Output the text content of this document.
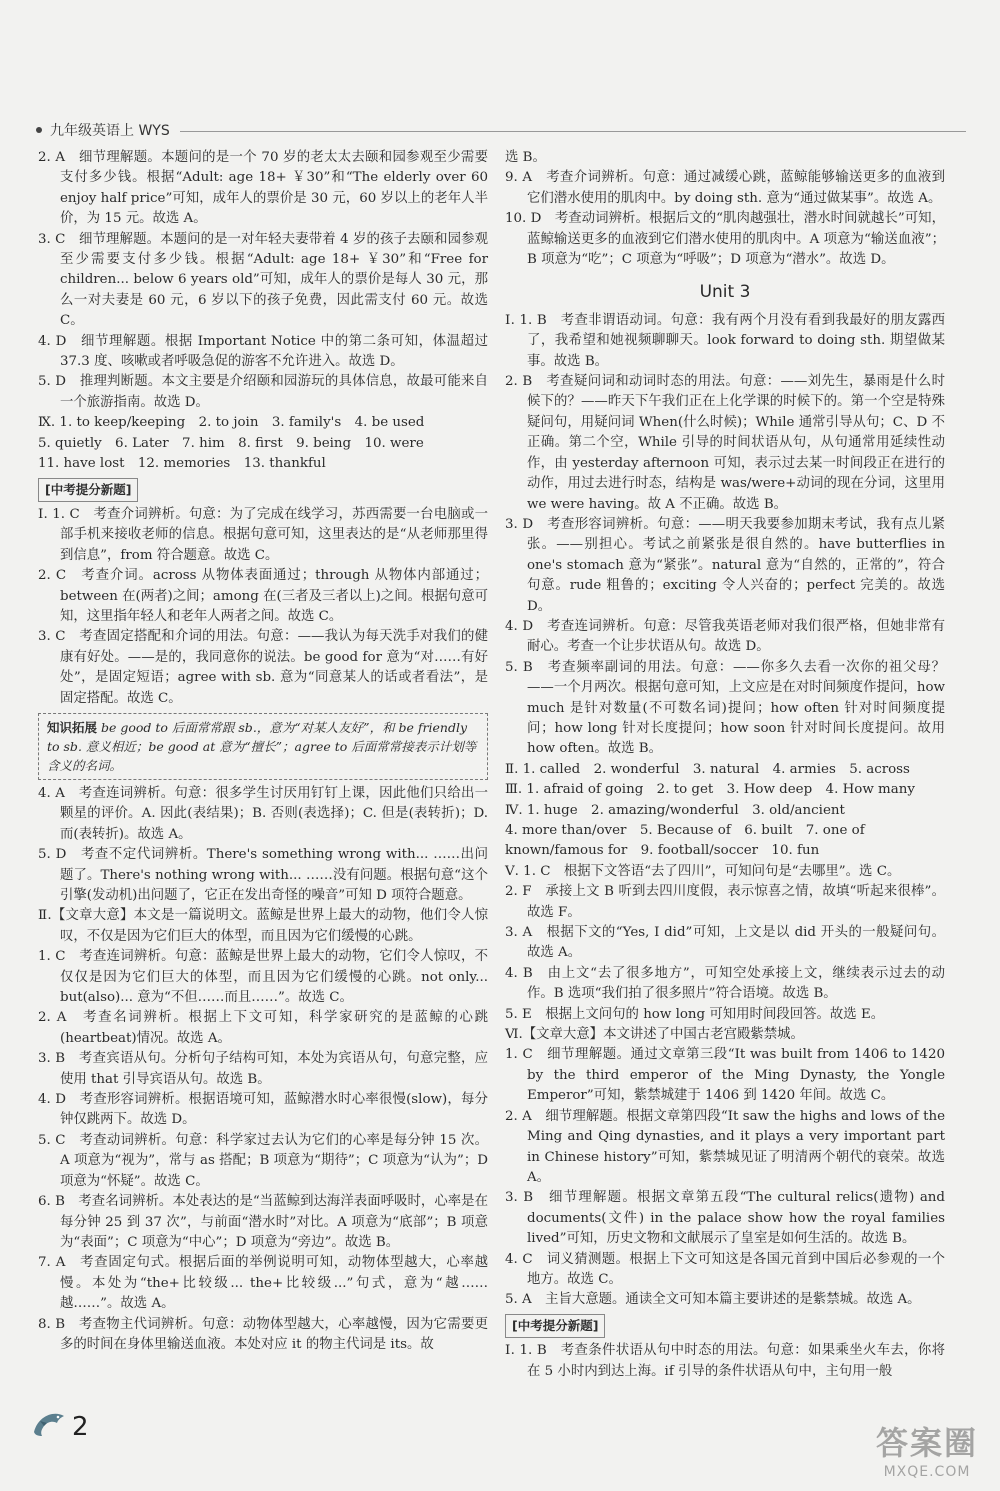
九年级英语上 WYS

2. A　细节理解题。本题问的是一个 70 岁的老太太去颐和园参观至少需要支付多少钱。根据“Adult: age 18+ ￥30”和“The elderly over 60 enjoy half price”可知，成年人的票价是 30 元，60 岁以上的老年人半价，为 15 元。故选 A。

3. C　细节理解题。本题问的是一对年轻夫妻带着 4 岁的孩子去颐和园参观至少需要支付多少钱。根据“Adult: age 18+ ￥30”和“Free for children... below 6 years old”可知，成年人的票价是每人 30 元，那么一对夫妻是 60 元，6 岁以下的孩子免费，因此需支付 60 元。故选 C。

4. D　细节理解题。根据 Important Notice 中的第二条可知，体温超过 37.3 度、咳嗽或者呼吸急促的游客不允许进入。故选 D。

5. D　推理判断题。本文主要是介绍颐和园游玩的具体信息，故最可能来自一个旅游指南。故选 D。

Ⅸ. 1. to keep/keeping　2. to join　3. family's　4. be used

5. quietly　6. Later　7. him　8. first　9. being　10. were

11. have lost　12. memories　13. thankful

[中考提分新题]

Ⅰ. 1. C　考查介词辨析。句意：为了完成在线学习，苏西需要一台电脑或一部手机来接收老师的信息。根据句意可知，这里表达的是“从老师那里得到信息”，from 符合题意。故选 C。

2. C　考查介词。across 从物体表面通过；through 从物体内部通过；between 在(两者)之间；among 在(三者及三者以上)之间。根据句意可知，这里指年轻人和老年人两者之间。故选 C。

3. C　考查固定搭配和介词的用法。句意：——我认为每天洗手对我们的健康有好处。——是的，我同意你的说法。be good for 意为“对……有好处”，是固定短语；agree with sb. 意为“同意某人的话或者看法”，是固定搭配。故选 C。

知识拓展 be good to 后面常常跟 sb.，意为“对某人友好”，和 be friendly to sb. 意义相近；be good at 意为“擅长”；agree to 后面常常接表示计划等含义的名词。

4. A　考查连词辨析。句意：很多学生讨厌用钉钉上课，因此他们只给出一颗星的评价。A. 因此(表结果)；B. 否则(表选择)；C. 但是(表转折)；D. 而(表转折)。故选 A。

5. D　考查不定代词辨析。There's something wrong with... ……出问题了。There's nothing wrong with... ……没有问题。根据句意“这个引擎(发动机)出问题了，它正在发出奇怪的噪音”可知 D 项符合题意。

Ⅱ.【文章大意】本文是一篇说明文。蓝鲸是世界上最大的动物，他们令人惊叹，不仅是因为它们巨大的体型，而且因为它们缓慢的心跳。

1. C　考查连词辨析。句意：蓝鲸是世界上最大的动物，它们令人惊叹，不仅仅是因为它们巨大的体型，而且因为它们缓慢的心跳。not only... but(also)... 意为“不但……而且……”。故选 C。

2. A　考查名词辨析。根据上下文可知，科学家研究的是蓝鲸的心跳(heartbeat)情况。故选 A。

3. B　考查宾语从句。分析句子结构可知，本处为宾语从句，句意完整，应使用 that 引导宾语从句。故选 B。

4. D　考查形容词辨析。根据语境可知，蓝鲸潜水时心率很慢(slow)，每分钟仅跳两下。故选 D。

5. C　考查动词辨析。句意：科学家过去认为它们的心率是每分钟 15 次。A 项意为“视为”，常与 as 搭配；B 项意为“期待”；C 项意为“认为”；D 项意为“怀疑”。故选 C。

6. B　考查名词辨析。本处表达的是“当蓝鲸到达海洋表面呼吸时，心率是在每分钟 25 到 37 次”，与前面“潜水时”对比。A 项意为“底部”；B 项意为“表面”；C 项意为“中心”；D 项意为“旁边”。故选 B。

7. A　考查固定句式。根据后面的举例说明可知，动物体型越大，心率越慢。本处为“the+比较级... the+比较级...”句式，意为“越……越……”。故选 A。

8. B　考查物主代词辨析。句意：动物体型越大，心率越慢，因为它需要更多的时间在身体里输送血液。本处对应 it 的物主代词是 its。故

选 B。

9. A　考查介词辨析。句意：通过减缓心跳，蓝鲸能够输送更多的血液到它们潜水使用的肌肉中。by doing sth. 意为“通过做某事”。故选 A。

10. D　考查动词辨析。根据后文的“肌肉越强壮，潜水时间就越长”可知，蓝鲸输送更多的血液到它们潜水使用的肌肉中。A 项意为“输送血液”；B 项意为“吃”；C 项意为“呼吸”；D 项意为“潜水”。故选 D。

Unit 3

Ⅰ. 1. B　考查非谓语动词。句意：我有两个月没有看到我最好的朋友露西了，我希望和她视频聊聊天。look forward to doing sth. 期望做某事。故选 B。

2. B　考查疑问词和动词时态的用法。句意：——刘先生，暴雨是什么时候下的？——昨天下午我们正在上化学课的时候下的。第一个空是特殊疑问句，用疑问词 When(什么时候)；While 通常引导从句；C、D 不正确。第二个空，While 引导的时间状语从句，从句通常用延续性动作，由 yesterday afternoon 可知，表示过去某一时间段正在进行的动作，用过去进行时态，结构是 was/were+动词的现在分词，这里用 we were having。故 A 不正确。故选 B。

3. D　考查形容词辨析。句意：——明天我要参加期末考试，我有点儿紧张。——别担心。考试之前紧张是很自然的。have butterflies in one's stomach 意为“紧张”。natural 意为“自然的，正常的”，符合句意。rude 粗鲁的；exciting 令人兴奋的；perfect 完美的。故选 D。

4. D　考查连词辨析。句意：尽管我英语老师对我们很严格，但她非常有耐心。考查一个让步状语从句。故选 D。

5. B　考查频率副词的用法。句意：——你多久去看一次你的祖父母？——一个月两次。根据句意可知，上文应是在对时间频度作提问，how much 是针对数量(不可数名词)提问；how often 针对时间频度提问；how long 针对长度提问；how soon 针对时间长度提问。故用 how often。故选 B。

Ⅱ. 1. called　2. wonderful　3. natural　4. armies　5. across

Ⅲ. 1. afraid of going　2. to get　3. How deep　4. How many

Ⅳ. 1. huge　2. amazing/wonderful　3. old/ancient

4. more than/over　5. Because of　6. built　7. one of

known/famous for　9. football/soccer　10. fun

Ⅴ. 1. C　根据下文答语“去了四川”，可知问句是“去哪里”。选 C。

2. F　承接上文 B 听到去四川度假，表示惊喜之情，故填“听起来很棒”。故选 F。

3. A　根据下文的“Yes, I did”可知，上文是以 did 开头的一般疑问句。故选 A。

4. B　由上文“去了很多地方”，可知空处承接上文，继续表示过去的动作。B 选项“我们拍了很多照片”符合语境。故选 B。

5. E　根据上文问句的 how long 可知用时间段回答。故选 E。

Ⅵ.【文章大意】本文讲述了中国古老宫殿紫禁城。

1. C　细节理解题。通过文章第三段“It was built from 1406 to 1420 by the third emperor of the Ming Dynasty, the Yongle Emperor”可知，紫禁城建于 1406 到 1420 年间。故选 C。

2. A　细节理解题。根据文章第四段“It saw the highs and lows of the Ming and Qing dynasties, and it plays a very important part in Chinese history”可知，紫禁城见证了明清两个朝代的衰荣。故选 A。

3. B　细节理解题。根据文章第五段“The cultural relics(遗物) and documents(文件) in the palace show how the royal families lived”可知，历史文物和文献展示了皇室是如何生活的。故选 B。

4. C　词义猜测题。根据上下文可知这是各国元首到中国后必参观的一个地方。故选 C。

5. A　主旨大意题。通读全文可知本篇主要讲述的是紫禁城。故选 A。

[中考提分新题]

Ⅰ. 1. B　考查条件状语从句中时态的用法。句意：如果乘坐火车去，你将在 5 小时内到达上海。if 引导的条件状语从句中，主句用一般

2	答案圈
MXQE.COM
